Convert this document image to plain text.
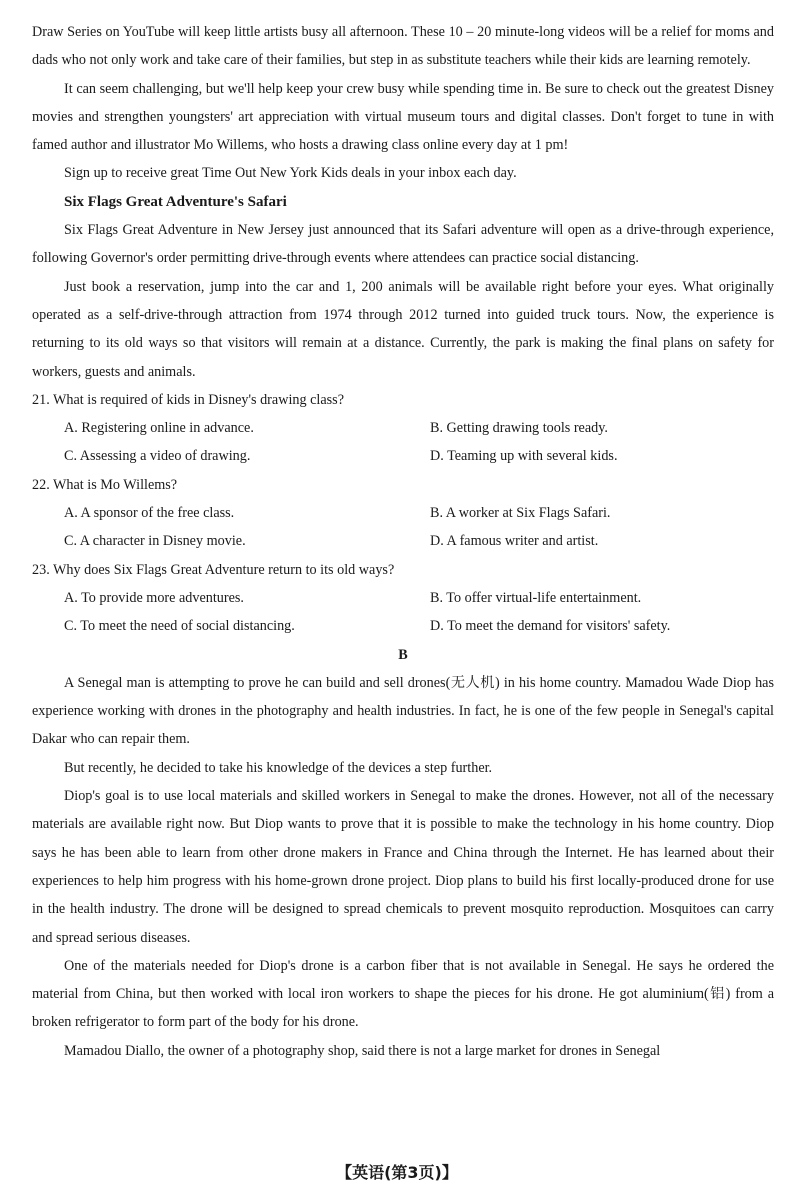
Draw Series on YouTube will keep little artists busy all afternoon. These 10 – 20 minute-long videos will be a relief for moms and dads who not only work and take care of their families, but step in as substitute teachers while their kids are learning remotely.

It can seem challenging, but we'll help keep your crew busy while spending time in. Be sure to check out the greatest Disney movies and strengthen youngsters' art appreciation with virtual museum tours and digital classes. Don't forget to tune in with famed author and illustrator Mo Willems, who hosts a drawing class online every day at 1 pm!

Sign up to receive great Time Out New York Kids deals in your inbox each day.

Six Flags Great Adventure's Safari

Six Flags Great Adventure in New Jersey just announced that its Safari adventure will open as a drive-through experience, following Governor's order permitting drive-through events where attendees can practice social distancing.

Just book a reservation, jump into the car and 1, 200 animals will be available right before your eyes. What originally operated as a self-drive-through attraction from 1974 through 2012 turned into guided truck tours. Now, the experience is returning to its old ways so that visitors will remain at a distance. Currently, the park is making the final plans on safety for workers, guests and animals.

21. What is required of kids in Disney's drawing class?
A. Registering online in advance.	B. Getting drawing tools ready.
C. Assessing a video of drawing.	D. Teaming up with several kids.
22. What is Mo Willems?
A. A sponsor of the free class.	B. A worker at Six Flags Safari.
C. A character in Disney movie.	D. A famous writer and artist.
23. Why does Six Flags Great Adventure return to its old ways?
A. To provide more adventures.	B. To offer virtual-life entertainment.
C. To meet the need of social distancing.	D. To meet the demand for visitors' safety.
B

A Senegal man is attempting to prove he can build and sell drones(无人机) in his home country. Mamadou Wade Diop has experience working with drones in the photography and health industries. In fact, he is one of the few people in Senegal's capital Dakar who can repair them.

But recently, he decided to take his knowledge of the devices a step further.

Diop's goal is to use local materials and skilled workers in Senegal to make the drones. However, not all of the necessary materials are available right now. But Diop wants to prove that it is possible to make the technology in his home country. Diop says he has been able to learn from other drone makers in France and China through the Internet. He has learned about their experiences to help him progress with his home-grown drone project. Diop plans to build his first locally-produced drone for use in the health industry. The drone will be designed to spread chemicals to prevent mosquito reproduction. Mosquitoes can carry and spread serious diseases.

One of the materials needed for Diop's drone is a carbon fiber that is not available in Senegal. He says he ordered the material from China, but then worked with local iron workers to shape the pieces for his drone. He got aluminium(铝) from a broken refrigerator to form part of the body for his drone.

Mamadou Diallo, the owner of a photography shop, said there is not a large market for drones in Senegal

【英语(第3页)】
